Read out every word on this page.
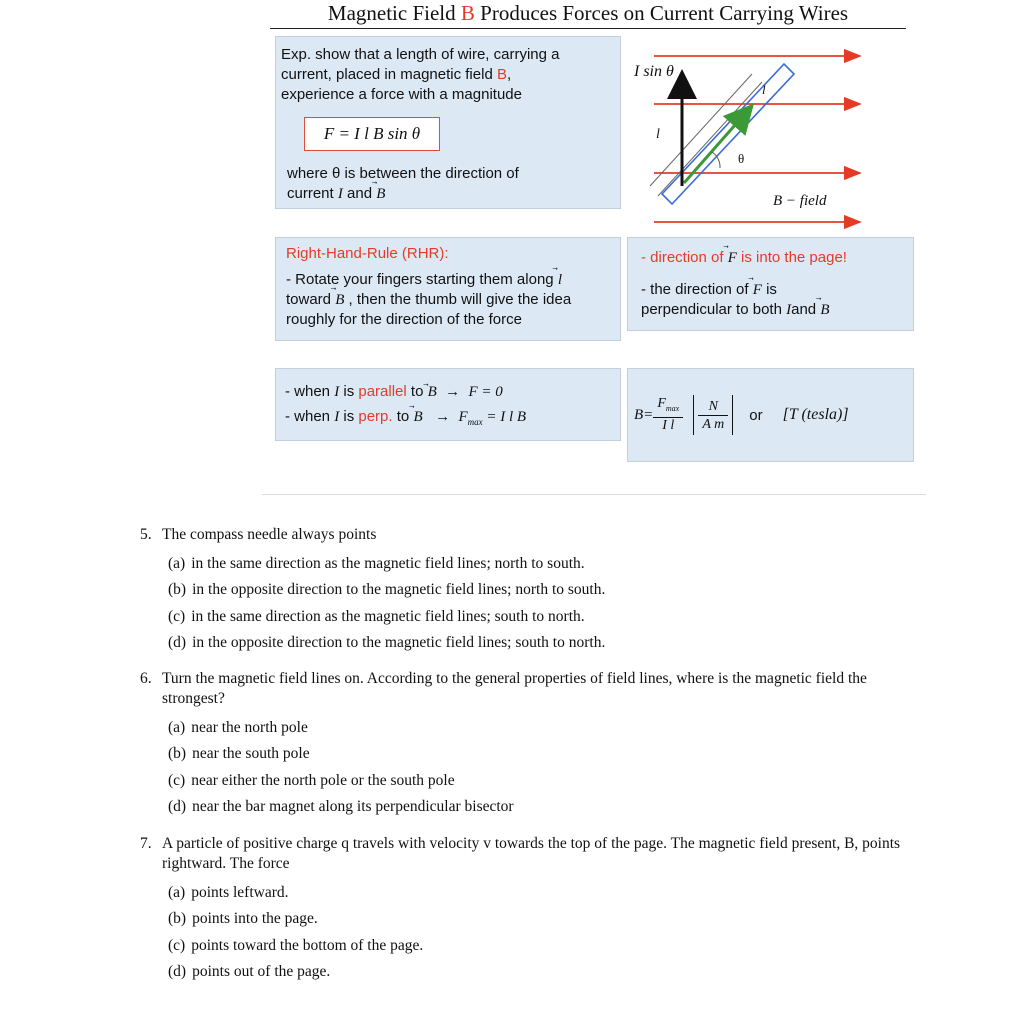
Magnetic Field B Produces Forces on Current Carrying Wires

Exp. show that a length of wire, carrying a

current, placed in magnetic field B,

experience a force with a magnitude

F = I l B sin θ

where θ is between the direction of

current I and B

I sin θ
l
l
θ
B − field

Right-Hand-Rule (RHR):

- Rotate your fingers starting them along l

toward B
, then the thumb will give the idea

roughly for the direction of the force

- direction of F
is into the page!

- the direction of F
is

perpendicular to both Iand B

- when I is parallel to B → F = 0

- when I is perp. to $B \to F_{max} = I$ l B	B=
$F_{max}$
I l
N
A m
or [T (tesla)]
5. The compass needle always points
(a) in the same direction as the magnetic field lines; north to south.
(b) in the opposite direction to the magnetic field lines; north to south.
(c) in the same direction as the magnetic field lines; south to north.
(d) in the opposite direction to the magnetic field lines; south to north.
6. Turn the magnetic field lines on. According to the general properties of field lines, where is the magnetic field the strongest?
(a) near the north pole
(b) near the south pole
(c) near either the north pole or the south pole
(d) near the bar magnet along its perpendicular bisector
7. A particle of positive charge q travels with velocity v towards the top of the page. The magnetic field present, B, points rightward. The force
(a) points leftward.
(b) points into the page.
(c) points toward the bottom of the page.
(d) points out of the page.
